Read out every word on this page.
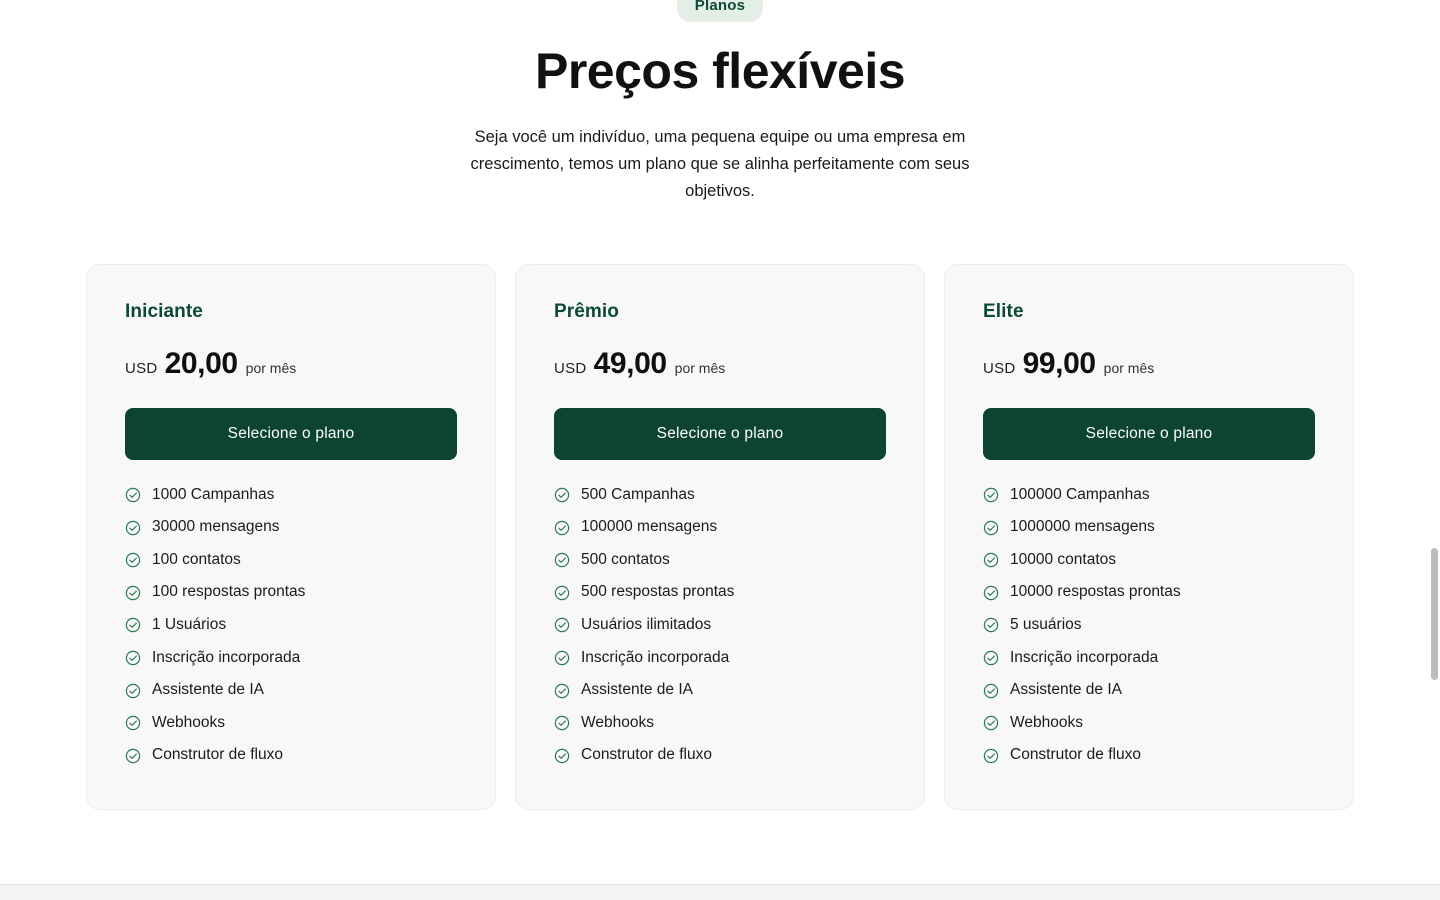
Planos
Preços flexíveis

Seja você um indivíduo, uma pequena equipe ou uma empresa em crescimento, temos um plano que se alinha perfeitamente com seus objetivos.

Iniciante
USD 20,00 por mês
Selecione o plano
1000 Campanhas
30000 mensagens
100 contatos
100 respostas prontas
1 Usuários
Inscrição incorporada
Assistente de IA
Webhooks
Construtor de fluxo
Prêmio
USD 49,00 por mês
Selecione o plano
500 Campanhas
100000 mensagens
500 contatos
500 respostas prontas
Usuários ilimitados
Inscrição incorporada
Assistente de IA
Webhooks
Construtor de fluxo
Elite
USD 99,00 por mês
Selecione o plano
100000 Campanhas
1000000 mensagens
10000 contatos
10000 respostas prontas
5 usuários
Inscrição incorporada
Assistente de IA
Webhooks
Construtor de fluxo
